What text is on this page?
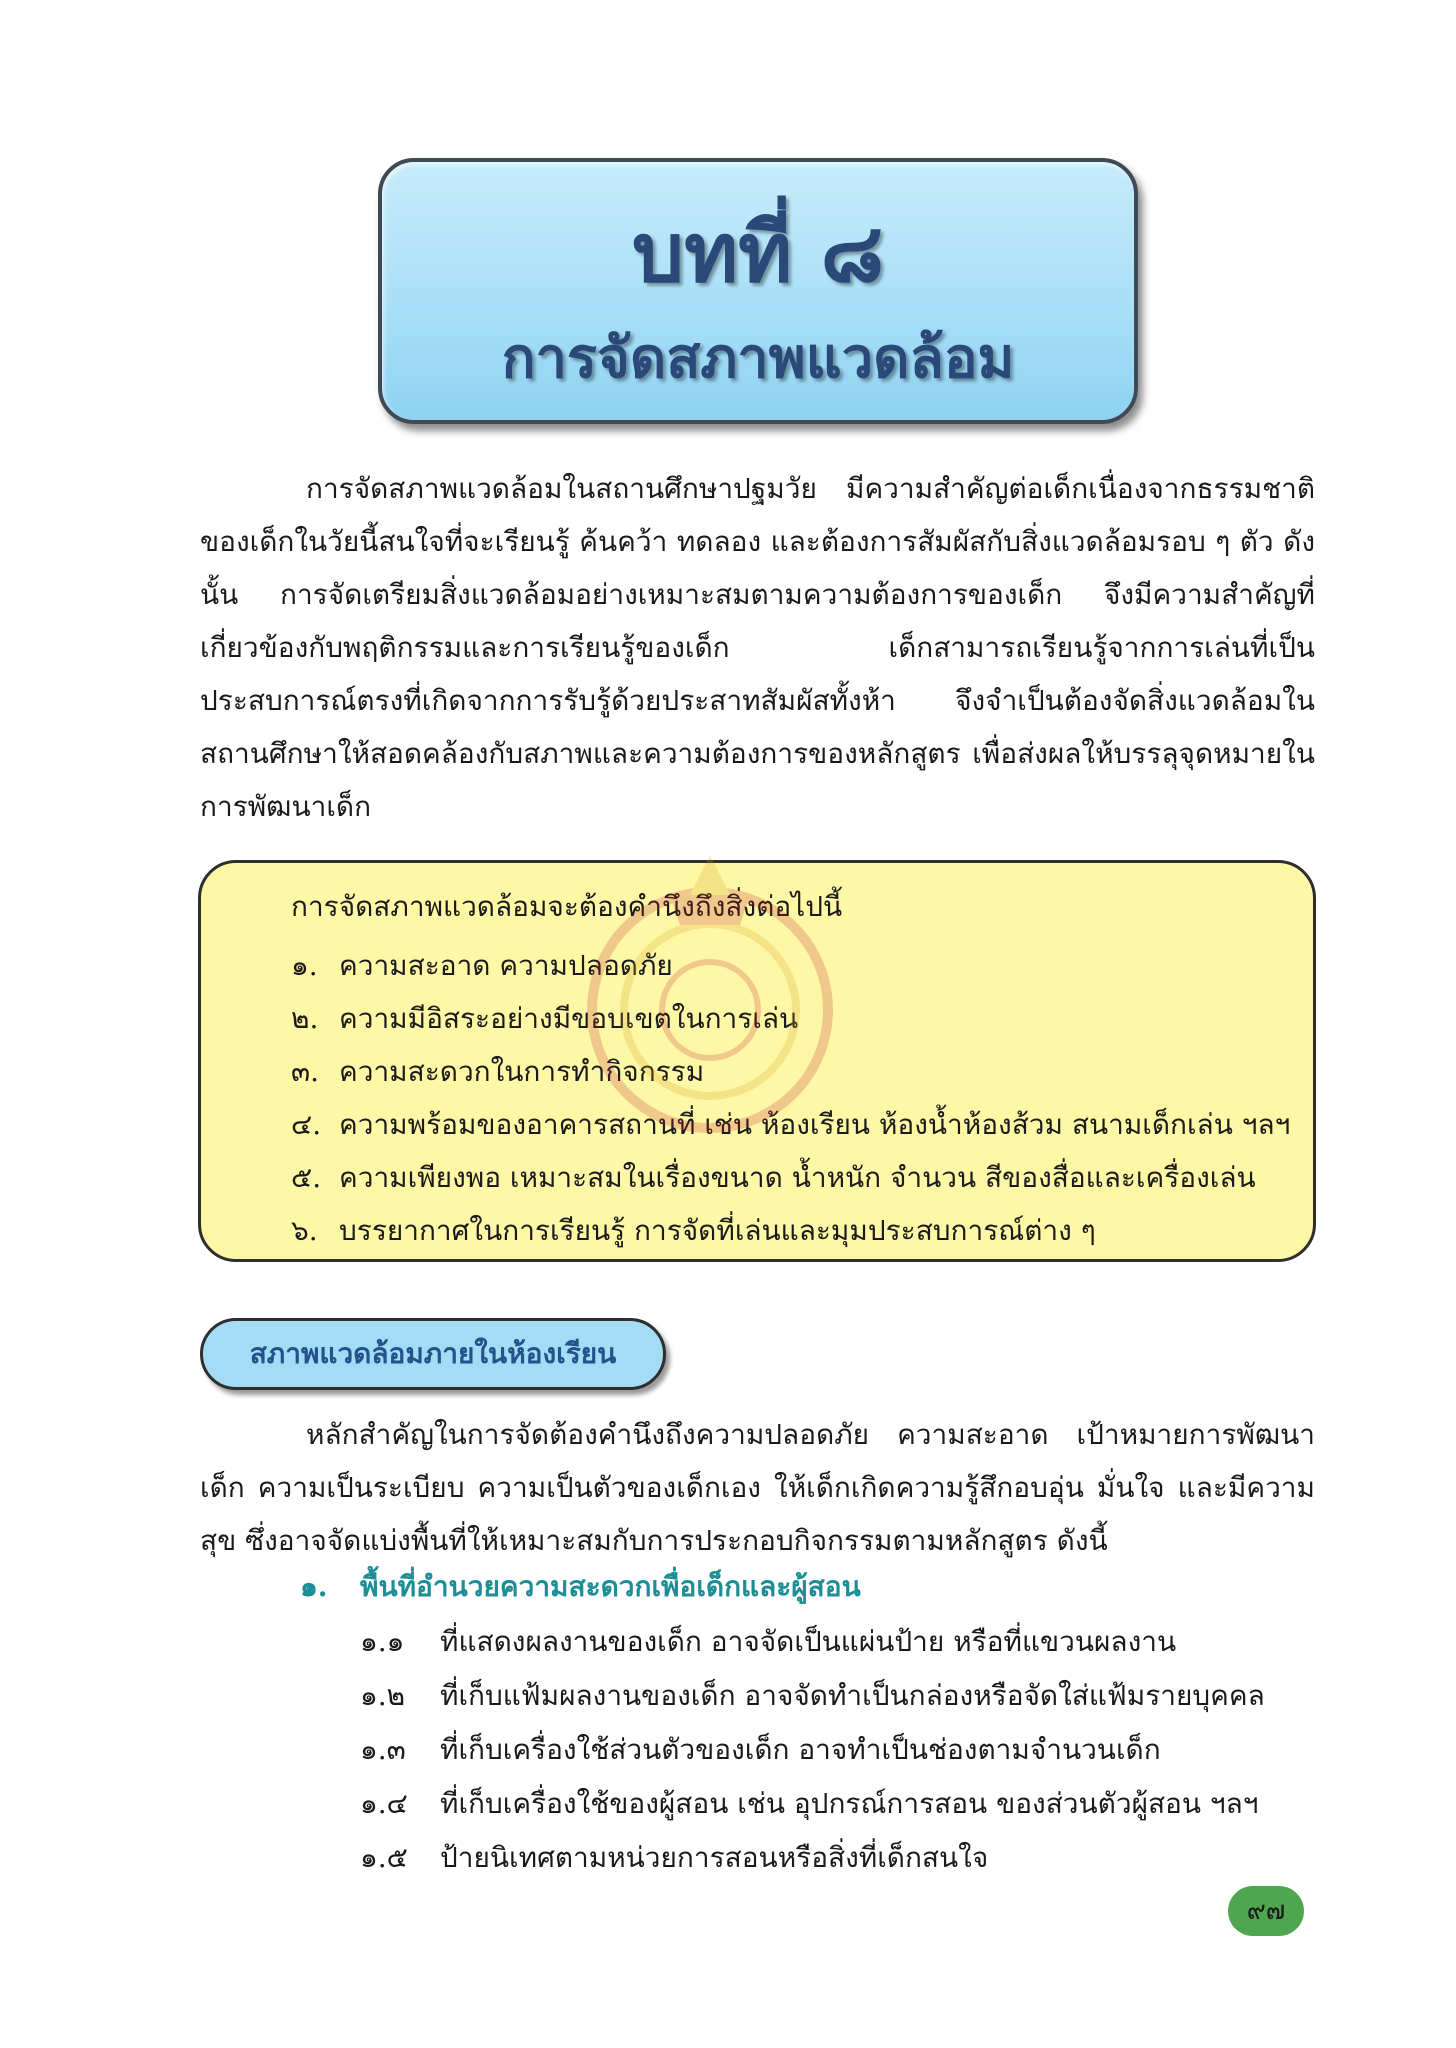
บทที่ ๘
การจัดสภาพแวดล้อม

การจัดสภาพแวดล้อมในสถานศึกษาปฐมวัย มีความสำคัญต่อเด็กเนื่องจากธรรมชาติของเด็กในวัยนี้สนใจที่จะเรียนรู้ ค้นคว้า ทดลอง และต้องการสัมผัสกับสิ่งแวดล้อมรอบ ๆ ตัว ดังนั้น การจัดเตรียมสิ่งแวดล้อมอย่างเหมาะสมตามความต้องการของเด็ก จึงมีความสำคัญที่เกี่ยวข้องกับพฤติกรรมและการเรียนรู้ของเด็ก เด็กสามารถเรียนรู้จากการเล่นที่เป็นประสบการณ์ตรงที่เกิดจากการรับรู้ด้วยประสาทสัมผัสทั้งห้า จึงจำเป็นต้องจัดสิ่งแวดล้อมในสถานศึกษาให้สอดคล้องกับสภาพและความต้องการของหลักสูตร เพื่อส่งผลให้บรรลุจุดหมายในการพัฒนาเด็ก

การจัดสภาพแวดล้อมจะต้องคำนึงถึงสิ่งต่อไปนี้
๑. ความสะอาด ความปลอดภัย
๒. ความมีอิสระอย่างมีขอบเขตในการเล่น
๓. ความสะดวกในการทำกิจกรรม
๔. ความพร้อมของอาคารสถานที่ เช่น ห้องเรียน ห้องน้ำห้องส้วม สนามเด็กเล่น ฯลฯ
๕. ความเพียงพอ เหมาะสมในเรื่องขนาด น้ำหนัก จำนวน สีของสื่อและเครื่องเล่น
๖. บรรยากาศในการเรียนรู้ การจัดที่เล่นและมุมประสบการณ์ต่าง ๆ
สภาพแวดล้อมภายในห้องเรียน

หลักสำคัญในการจัดต้องคำนึงถึงความปลอดภัย ความสะอาด เป้าหมายการพัฒนาเด็ก ความเป็นระเบียบ ความเป็นตัวของเด็กเอง ให้เด็กเกิดความรู้สึกอบอุ่น มั่นใจ และมีความสุข ซึ่งอาจจัดแบ่งพื้นที่ให้เหมาะสมกับการประกอบกิจกรรมตามหลักสูตร ดังนี้

๑. พื้นที่อำนวยความสะดวกเพื่อเด็กและผู้สอน
๑.๑ ที่แสดงผลงานของเด็ก อาจจัดเป็นแผ่นป้าย หรือที่แขวนผลงาน
๑.๒ ที่เก็บแฟ้มผลงานของเด็ก อาจจัดทำเป็นกล่องหรือจัดใส่แฟ้มรายบุคคล
๑.๓ ที่เก็บเครื่องใช้ส่วนตัวของเด็ก อาจทำเป็นช่องตามจำนวนเด็ก
๑.๔ ที่เก็บเครื่องใช้ของผู้สอน เช่น อุปกรณ์การสอน ของส่วนตัวผู้สอน ฯลฯ
๑.๕ ป้ายนิเทศตามหน่วยการสอนหรือสิ่งที่เด็กสนใจ
๙๗
